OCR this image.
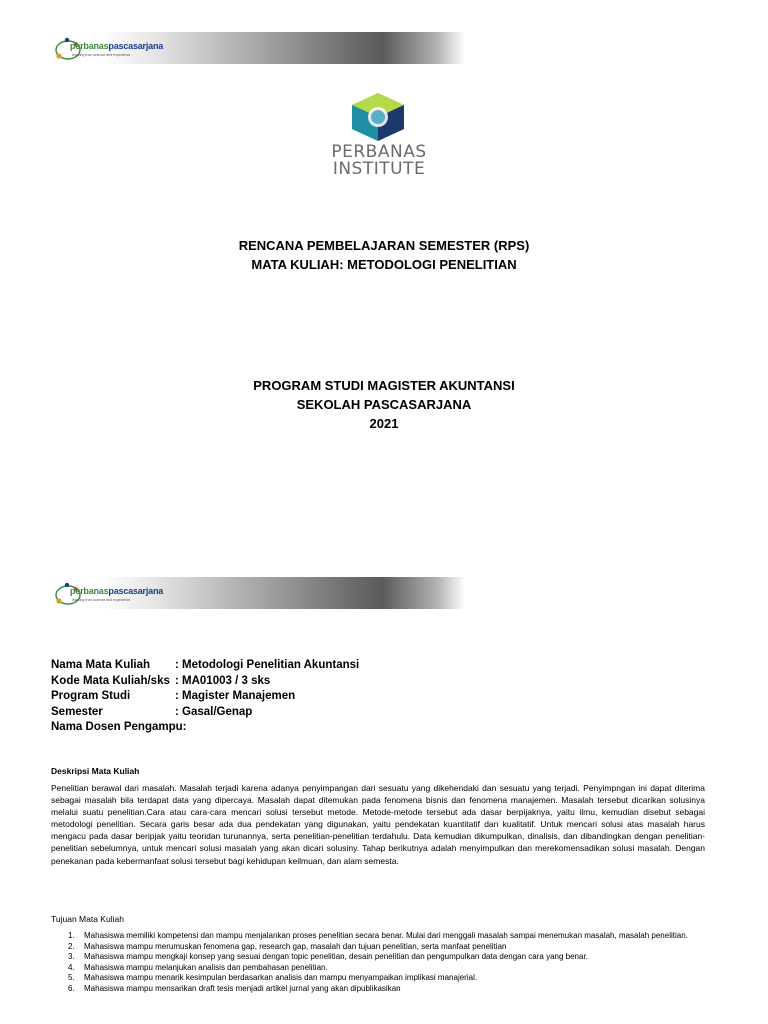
perbanaspascasarjana
learning from science and experience
PERBANAS
INSTITUTE
RENCANA PEMBELAJARAN SEMESTER (RPS)
MATA KULIAH: METODOLOGI PENELITIAN
PROGRAM STUDI MAGISTER AKUNTANSI
SEKOLAH PASCASARJANA
2021
perbanaspascasarjana
learning from science and experience
Nama Mata Kuliah	: Metodologi Penelitian Akuntansi
Kode Mata Kuliah/sks : MA01003 / 3 sks
Program Studi	: Magister Manajemen
Semester	: Gasal/Genap
Nama Dosen Pengampu:
Deskripsi Mata Kuliah

Penelitian berawal dari masalah. Masalah terjadi karena adanya penyimpangan dari sesuatu yang dikehendaki dan sesuatu yang terjadi. Penyimpngan ini dapat diterima sebagai masalah bila terdapat data yang dipercaya. Masalah dapat ditemukan pada fenomena bisnis dan fenomena manajemen. Masalah tersebut dicarikan solusinya melalui suatu penelitian.Cara atau cara-cara mencari solusi tersebut metode. Metode-metode tersebut ada dasar berpijaknya, yaitu ilmu, kemudian disebut sebagai metodologi penelitian. Secara garis besar ada dua pendekatan yang digunakan, yaitu pendekatan kuantitatif dan kualitatif. Untuk mencari solusi atas masalah harus mengacu pada dasar beripjak yaitu teoridan turunannya, serta penelitian-penelitian terdahulu. Data kemudian dikumpulkan, dinalisis, dan dibandingkan dengan penelitian-penelitian sebelumnya, untuk mencari solusi masalah yang akan dicari solusiny. Tahap berikutnya adalah menyimpulkan dan merekomensadikan solusi masalah. Dengan penekanan pada kebermanfaat solusi tersebut bagi kehidupan keilmuan, dan alam semesta.

Tujuan Mata Kuliah
1. Mahasiswa memiliki kompetensi dan mampu menjalankan proses penelitian secara benar. Mulai dari menggali masalah sampai menemukan masalah, masalah penelitian.
2. Mahasiswa mampu merumuskan fenomena gap, research gap, masalah dan tujuan penelitian, serta manfaat penelitian
3. Mahasiswa mampu mengkaji konsep yang sesuai dengan topic penelitian, desain penelitian dan pengumpulkan data dengan cara yang benar.
4. Mahasiswa mampu melanjukan analisis dan pembahasan penelitian.
5. Mahasiswa mampu menarik kesimpulan berdasarkan analisis dan mampu menyampaikan implikasi manajerial.
6. Mahasiswa mampu mensarikan draft tesis menjadi artikel jurnal yang akan dipublikasikan
